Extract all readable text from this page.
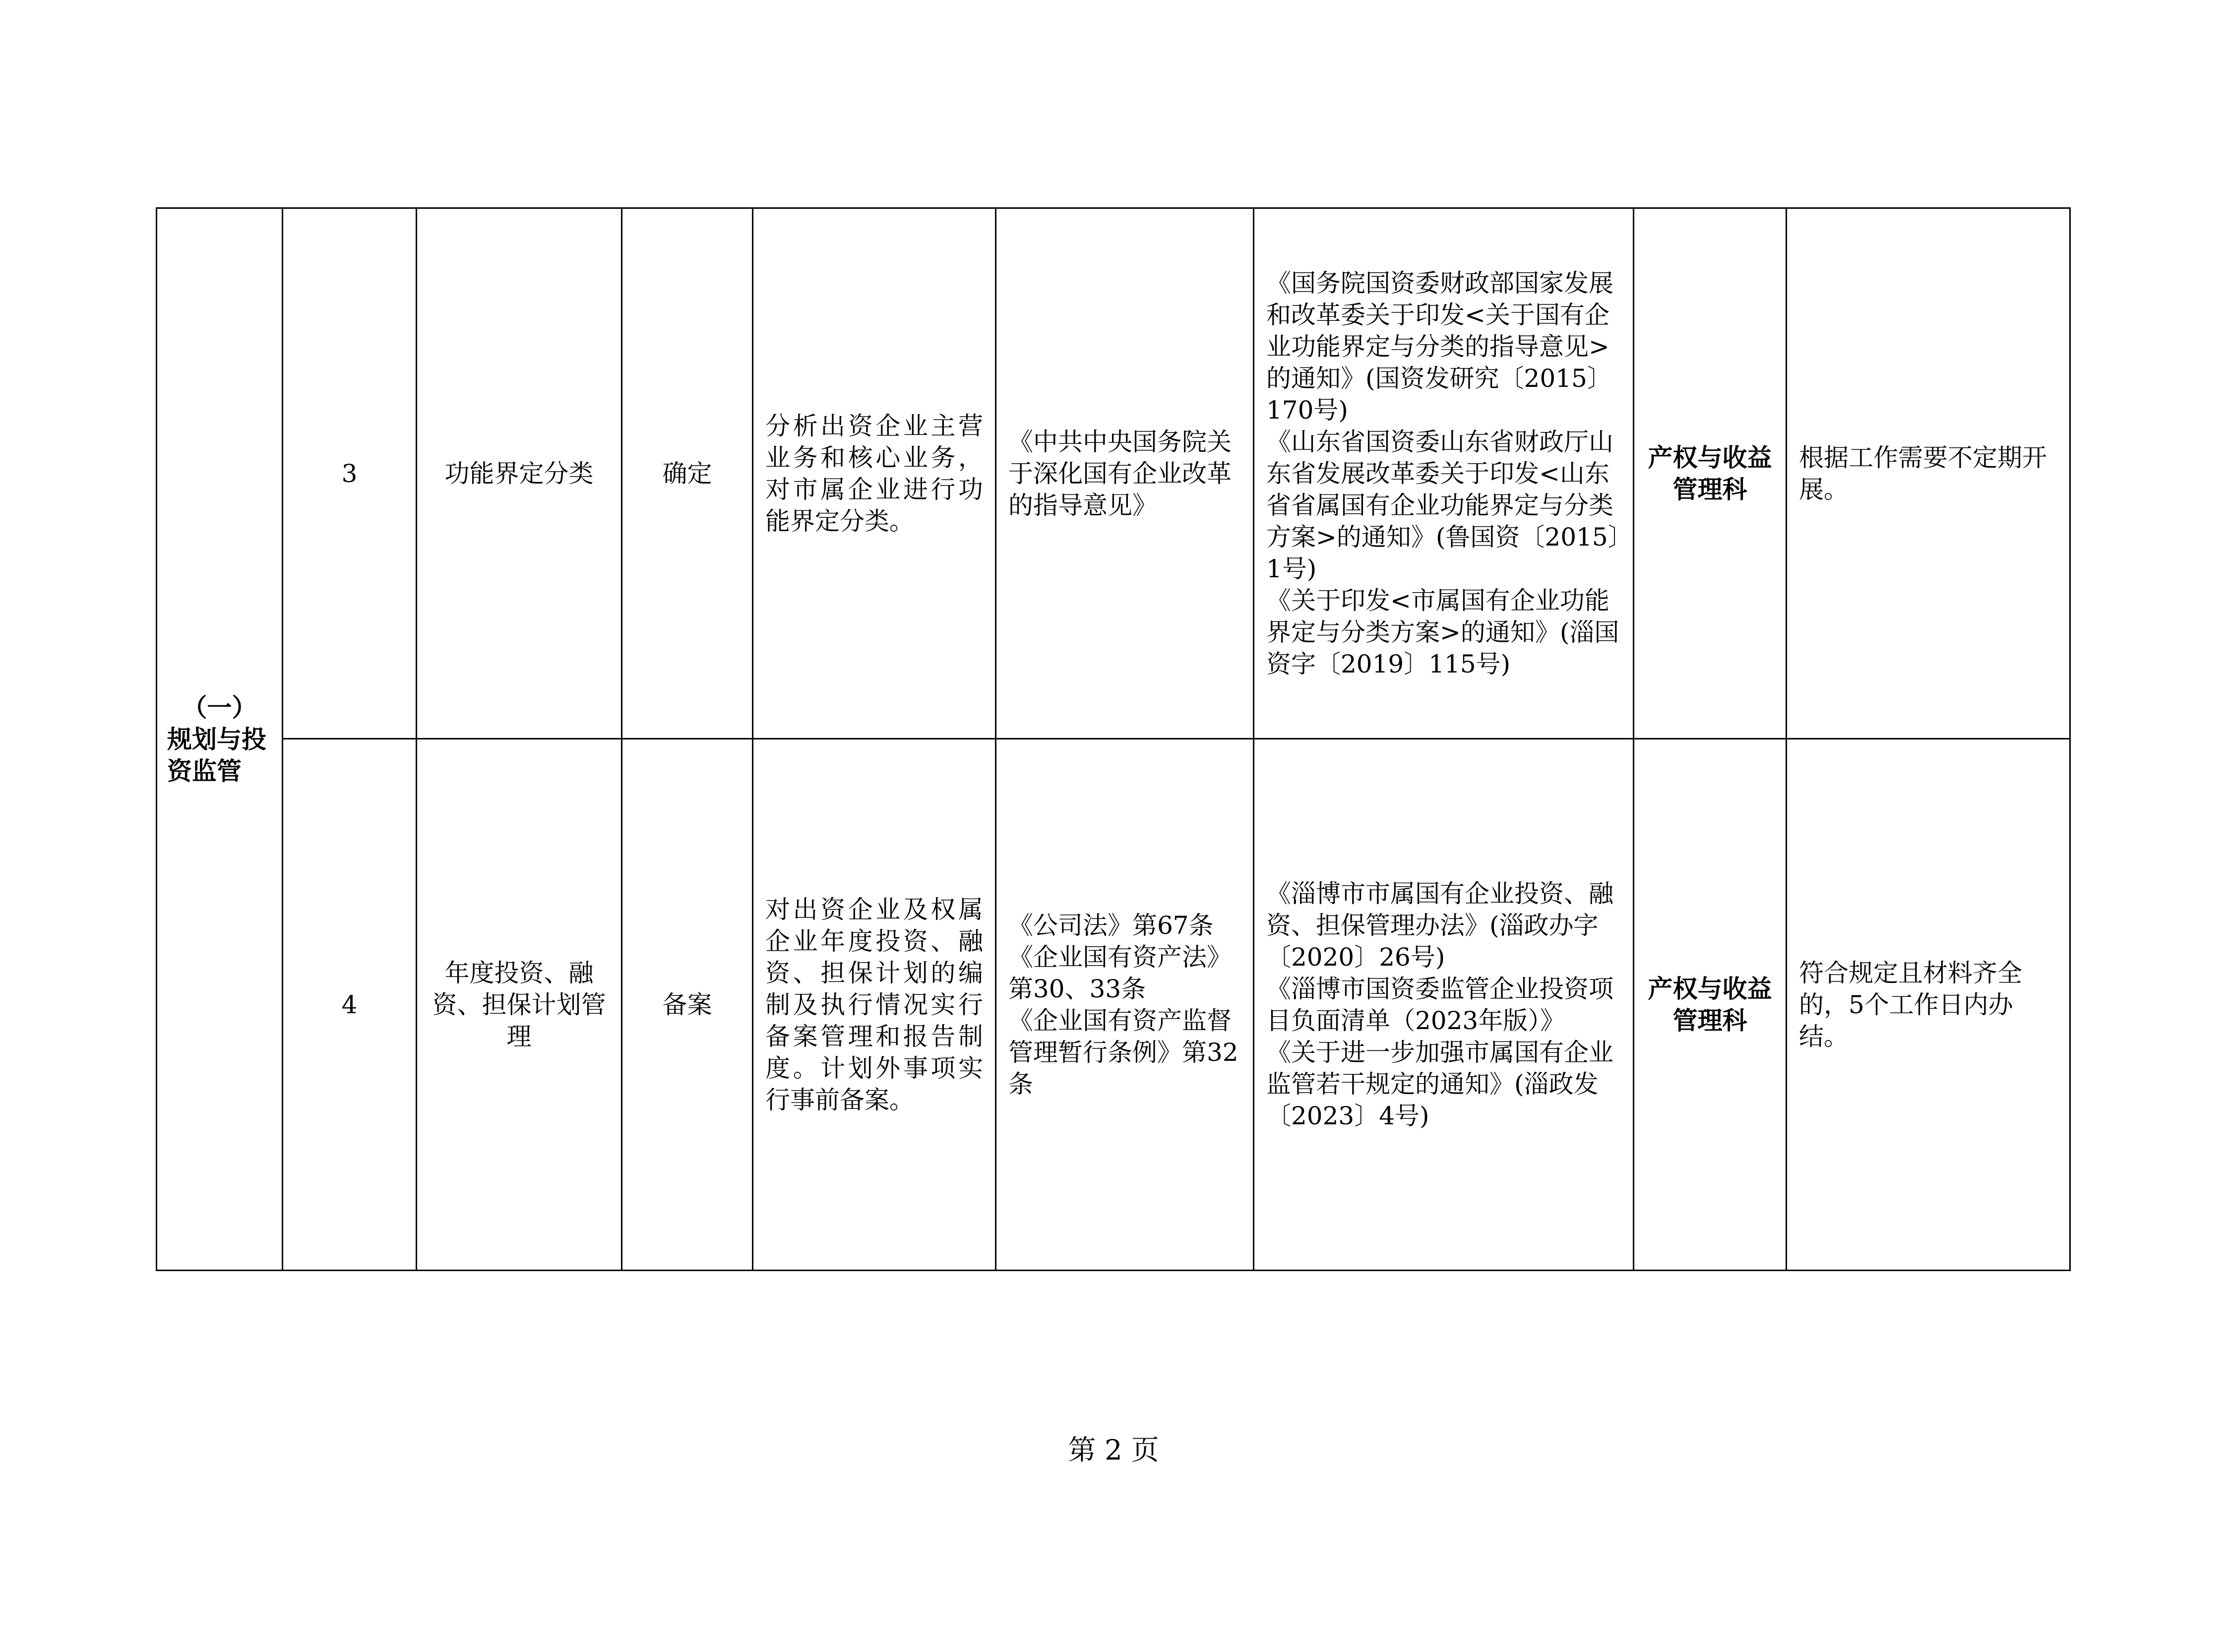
（一）
规划与投资监管	3	功能界定分类	确定	分析出资企业主营业务和核心业务，对市属企业进行功能界定分类。	《中共中央国务院关于深化国有企业改革的指导意见》	《国务院国资委财政部国家发展和改革委关于印发<关于国有企业功能界定与分类的指导意见>的通知》(国资发研究〔2015〕170号)
《山东省国资委山东省财政厅山东省发展改革委关于印发<山东省省属国有企业功能界定与分类方案>的通知》(鲁国资〔2015〕1号)
《关于印发<市属国有企业功能界定与分类方案>的通知》(淄国资字〔2019〕115号)	产权与收益管理科	根据工作需要不定期开展。
	4	年度投资、融资、担保计划管理	备案	对出资企业及权属企业年度投资、融资、担保计划的编制及执行情况实行备案管理和报告制度。计划外事项实行事前备案。	《公司法》第67条
《企业国有资产法》第30、33条
《企业国有资产监督管理暂行条例》第32条	《淄博市市属国有企业投资、融资、担保管理办法》(淄政办字〔2020〕26号)
《淄博市国资委监管企业投资项目负面清单（2023年版）》
《关于进一步加强市属国有企业监管若干规定的通知》(淄政发〔2023〕4号)	产权与收益管理科	符合规定且材料齐全的，5个工作日内办结。
第 2 页
